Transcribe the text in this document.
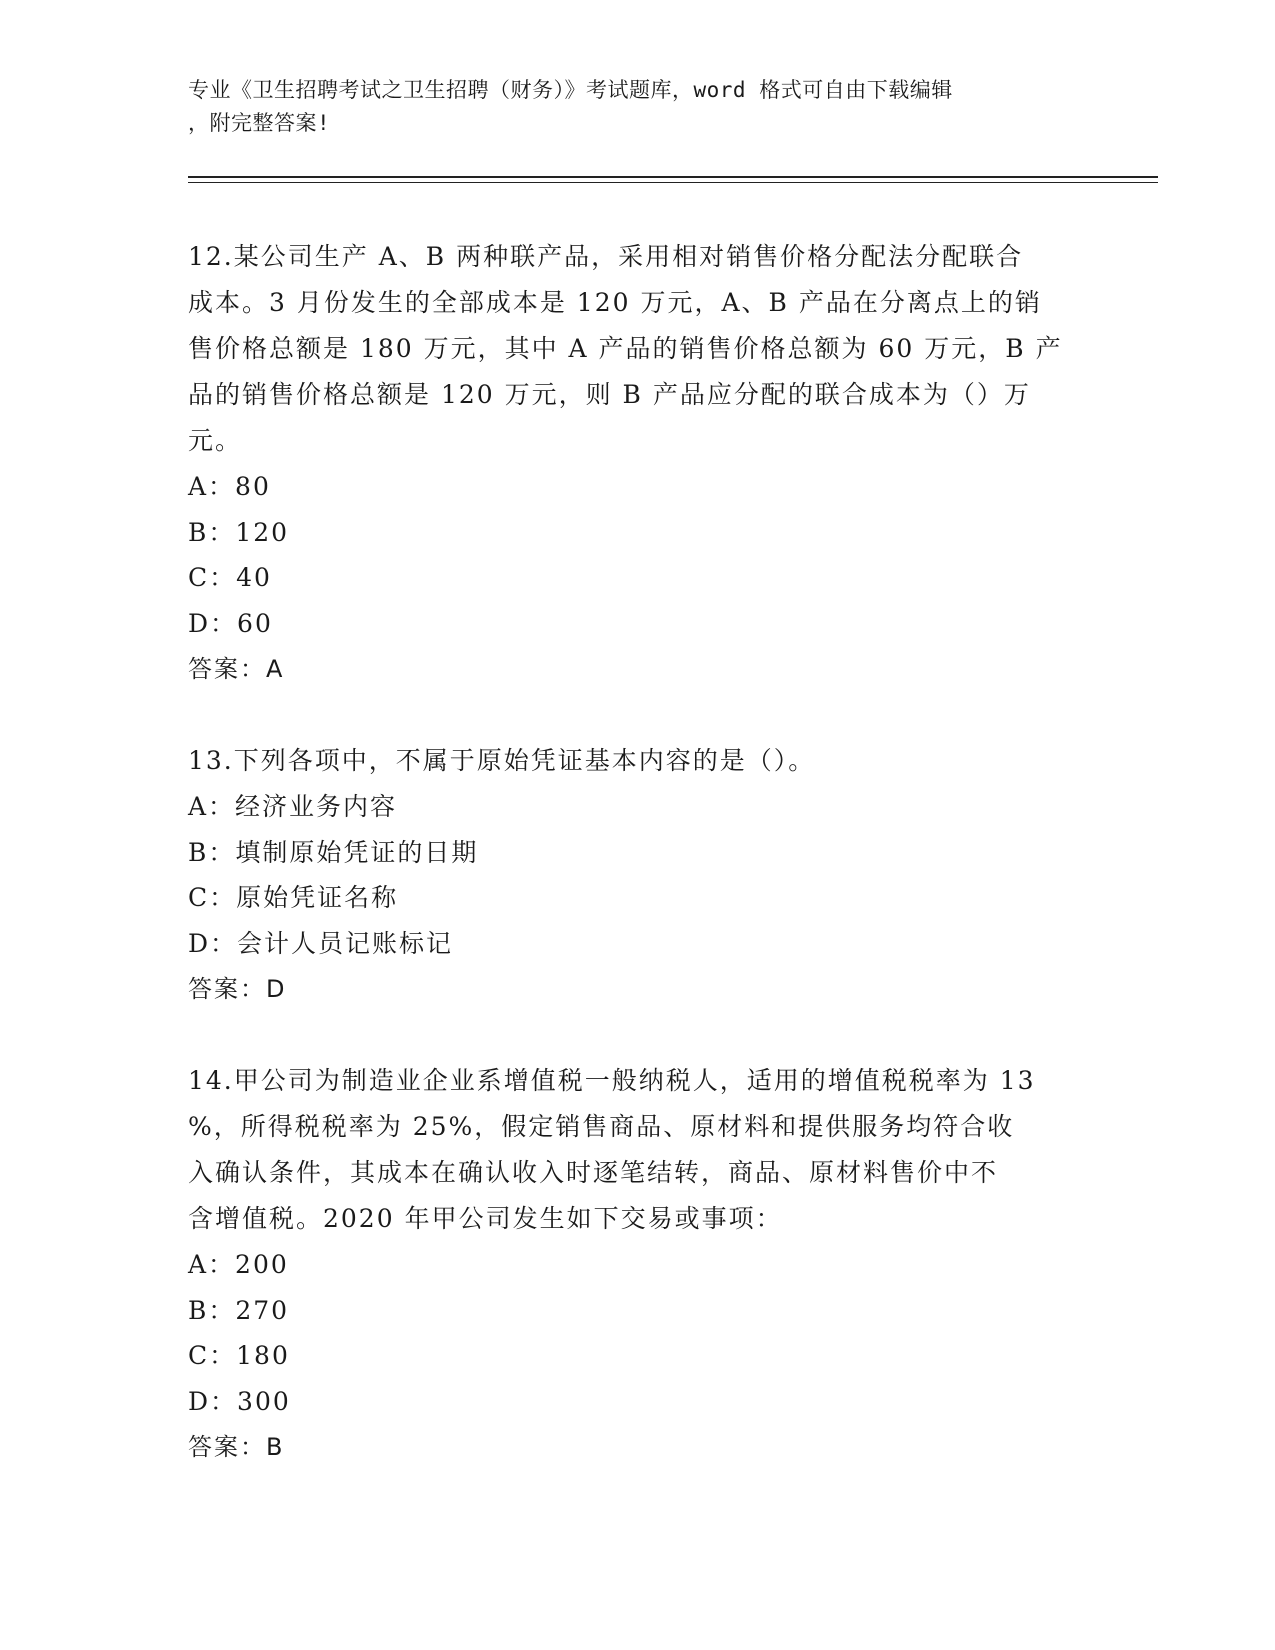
专业《卫生招聘考试之卫生招聘（财务）》考试题库，word 格式可自由下载编辑
，附完整答案!
12.某公司生产 A、B 两种联产品，采用相对销售价格分配法分配联合
成本。3 月份发生的全部成本是 120 万元，A、B 产品在分离点上的销
售价格总额是 180 万元，其中 A 产品的销售价格总额为 60 万元，B 产
品的销售价格总额是 120 万元，则 B 产品应分配的联合成本为（）万
元。
A：80
B：120
C：40
D：60
答案：A
13.下列各项中，不属于原始凭证基本内容的是（）。
A：经济业务内容
B：填制原始凭证的日期
C：原始凭证名称
D：会计人员记账标记
答案：D
14.甲公司为制造业企业系增值税一般纳税人，适用的增值税税率为 13
%，所得税税率为 25%，假定销售商品、原材料和提供服务均符合收
入确认条件，其成本在确认收入时逐笔结转，商品、原材料售价中不
含增值税。2020 年甲公司发生如下交易或事项：
A：200
B：270
C：180
D：300
答案：B
